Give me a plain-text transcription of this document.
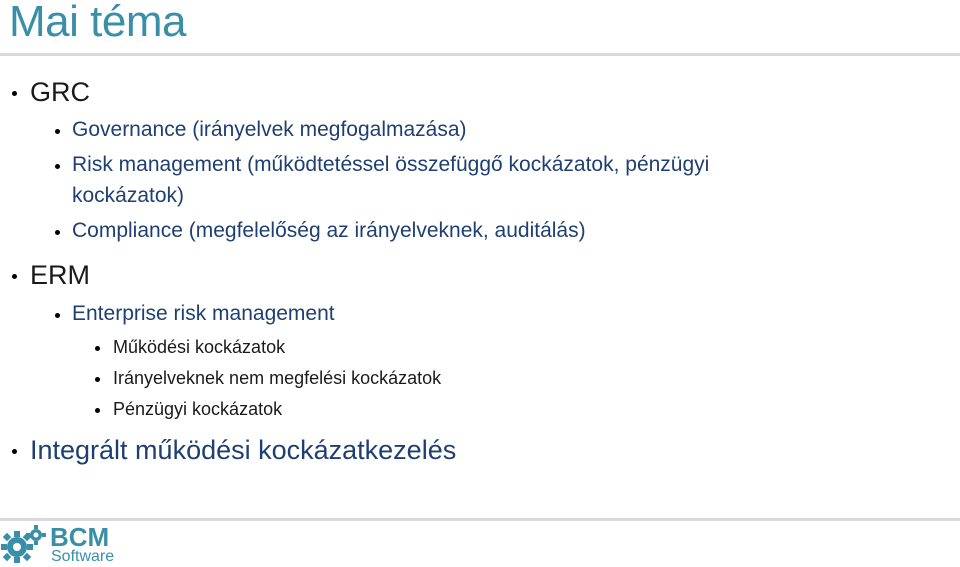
Mai téma
GRC
Governance (irányelvek megfogalmazása)
Risk management (működtetéssel összefüggő kockázatok, pénzügyi
kockázatok)
Compliance (megfelelőség az irányelveknek, auditálás)
ERM
Enterprise risk management
Működési kockázatok
Irányelveknek nem megfelési kockázatok
Pénzügyi kockázatok
Integrált működési kockázatkezelés
BCM
Software
